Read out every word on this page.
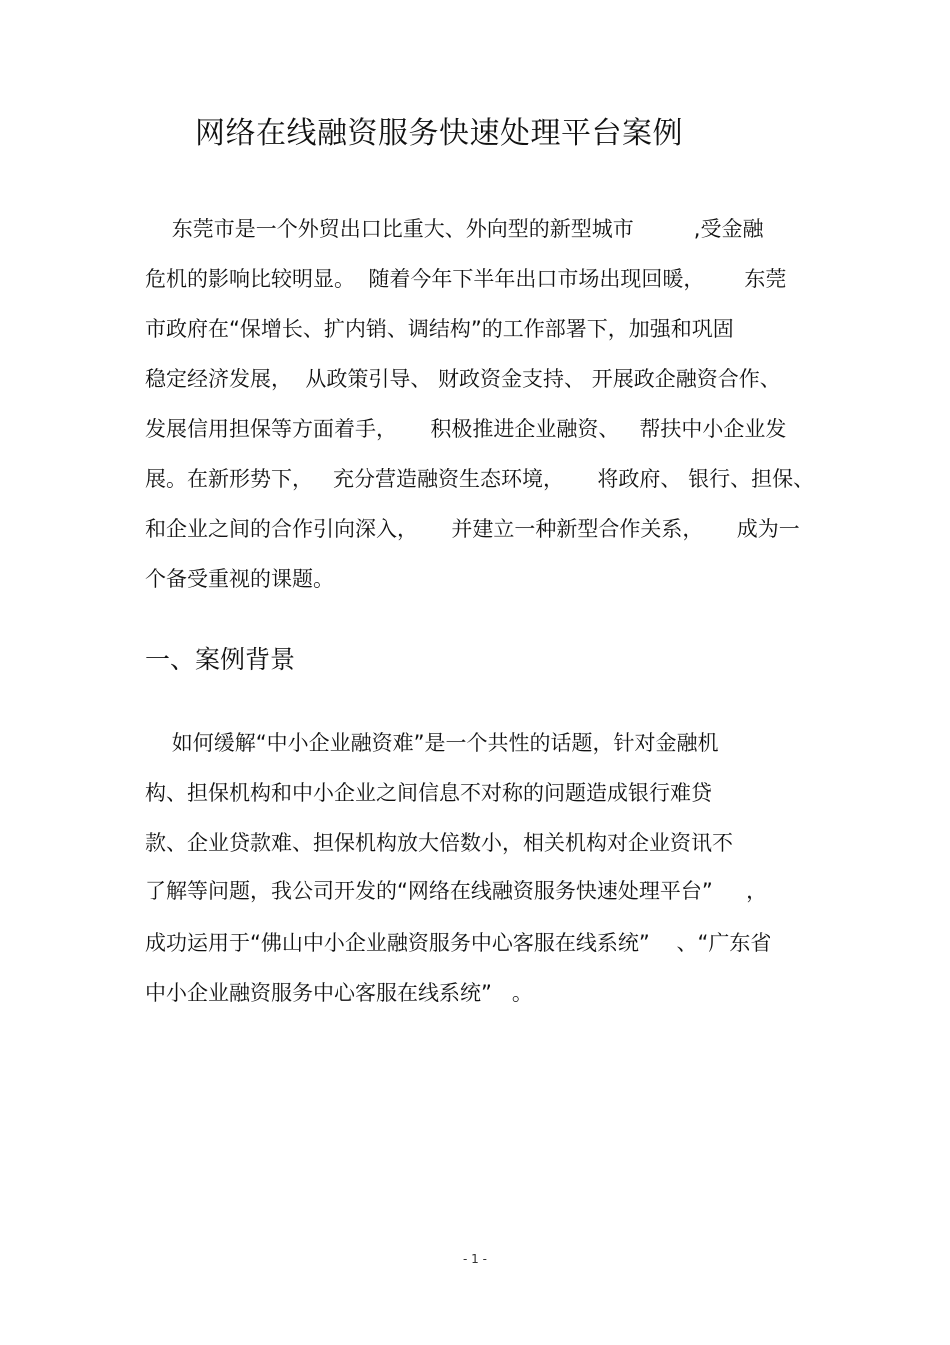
网络在线融资服务快速处理平台案例
东莞市是一个外贸出口比重大、外向型的新型城市         ,受金融
危机的影响比较明显。  随着今年下半年出口市场出现回暖，      东莞
市政府在“保增长、扩内销、调结构”的工作部署下，加强和巩固
稳定经济发展，  从政策引导、 财政资金支持、 开展政企融资合作、
发展信用担保等方面着手，     积极推进企业融资、   帮扶中小企业发
展。在新形势下，   充分营造融资生态环境，     将政府、 银行、担保、
和企业之间的合作引向深入，     并建立一种新型合作关系，     成为一
个备受重视的课题。
一、案例背景
如何缓解“中小企业融资难”是一个共性的话题，针对金融机
构、担保机构和中小企业之间信息不对称的问题造成银行难贷
款、企业贷款难、担保机构放大倍数小，相关机构对企业资讯不
了解等问题，我公司开发的“网络在线融资服务快速处理平台”     ，
成功运用于“佛山中小企业融资服务中心客服在线系统”    、“广东省
中小企业融资服务中心客服在线系统”   。
- 1 -
